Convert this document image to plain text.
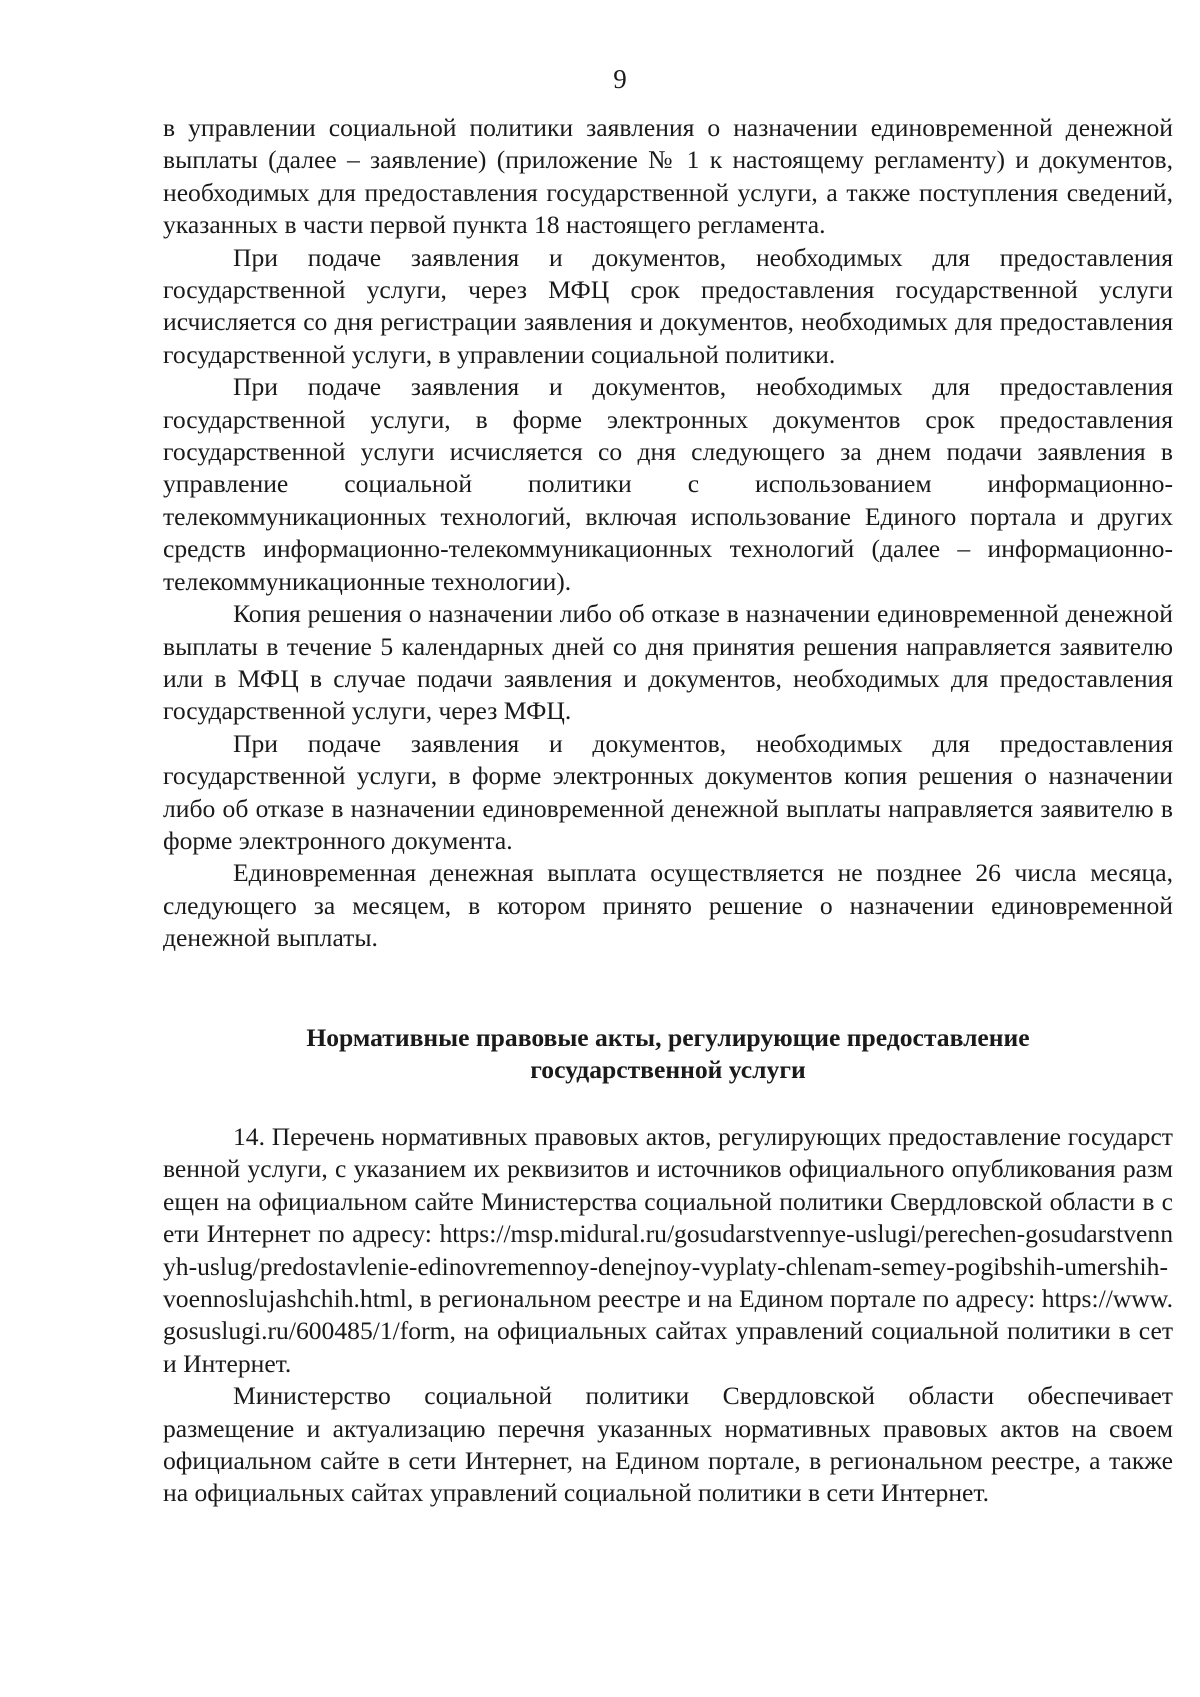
9

в управлении социальной политики заявления о назначении единовременной денежной выплаты (далее – заявление) (приложение № 1 к настоящему регламенту) и документов, необходимых для предоставления государственной услуги, а также поступления сведений, указанных в части первой пункта 18 настоящего регламента.

При подаче заявления и документов, необходимых для предоставления государственной услуги, через МФЦ срок предоставления государственной услуги исчисляется со дня регистрации заявления и документов, необходимых для предоставления государственной услуги, в управлении социальной политики.

При подаче заявления и документов, необходимых для предоставления государственной услуги, в форме электронных документов срок предоставления государственной услуги исчисляется со дня следующего за днем подачи заявления в управление социальной политики с использованием информационно-телекоммуникационных технологий, включая использование Единого портала и других средств информационно-телекоммуникационных технологий (далее – информационно-телекоммуникационные технологии).

Копия решения о назначении либо об отказе в назначении единовременной денежной выплаты в течение 5 календарных дней со дня принятия решения направляется заявителю или в МФЦ в случае подачи заявления и документов, необходимых для предоставления государственной услуги, через МФЦ.

При подаче заявления и документов, необходимых для предоставления государственной услуги, в форме электронных документов копия решения о назначении либо об отказе в назначении единовременной денежной выплаты направляется заявителю в форме электронного документа.

Единовременная денежная выплата осуществляется не позднее 26 числа месяца, следующего за месяцем, в котором принято решение о назначении единовременной денежной выплаты.

Нормативные правовые акты, регулирующие предоставление
государственной услуги

14. Перечень нормативных правовых актов, регулирующих предоставление государственной услуги, с указанием их реквизитов и источников официального опубликования размещен на официальном сайте Министерства социальной политики Свердловской области в сети Интернет по адресу: https://msp.midural.ru/gosudarstvennye-uslugi/perechen-gosudarstvennyh-uslug/predostavlenie-edinovremennoy-denejnoy-vyplaty-chlenam-semey-pogibshih-umershih-voennoslujashchih.html, в региональном реестре и на Едином портале по адресу: https://www.gosuslugi.ru/600485/1/form, на официальных сайтах управлений социальной политики в сети Интернет.

Министерство социальной политики Свердловской области обеспечивает размещение и актуализацию перечня указанных нормативных правовых актов на своем официальном сайте в сети Интернет, на Едином портале, в региональном реестре, а также на официальных сайтах управлений социальной политики в сети Интернет.
